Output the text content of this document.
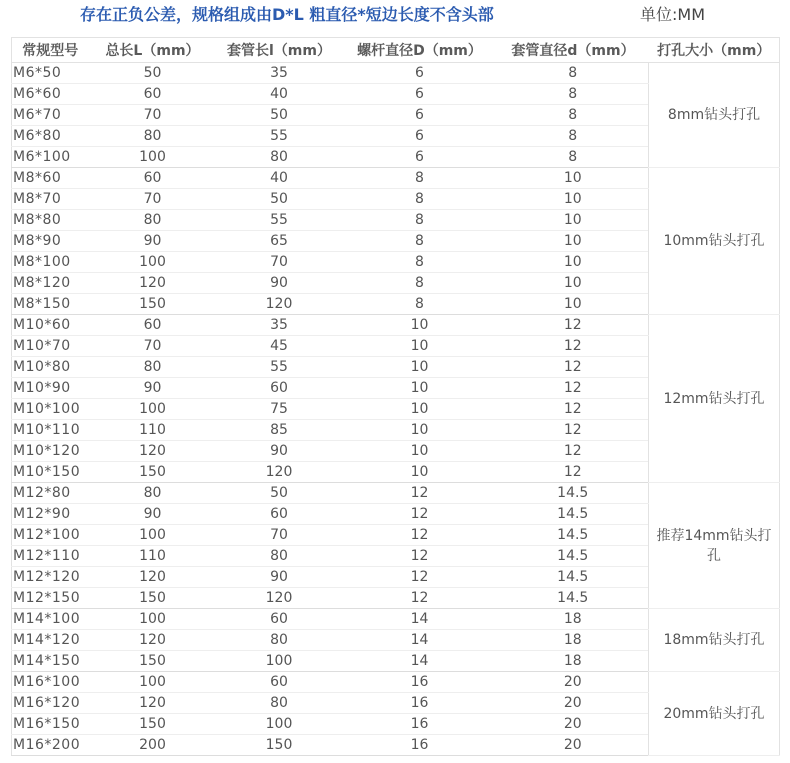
存在正负公差，规格组成由D*L 粗直径*短边长度不含头部	单位:MM
常规型号	总长L（mm）	套管长l（mm）	螺杆直径D（mm）	套管直径d（mm）	打孔大小（mm）
M6*50	50	35	6	8	8mm钻头打孔
M6*60	60	40	6	8	
M6*70	70	50	6	8	
M6*80	80	55	6	8	
M6*100	100	80	6	8	
M8*60	60	40	8	10	10mm钻头打孔
M8*70	70	50	8	10	
M8*80	80	55	8	10	
M8*90	90	65	8	10	
M8*100	100	70	8	10	
M8*120	120	90	8	10	
M8*150	150	120	8	10	
M10*60	60	35	10	12	12mm钻头打孔
M10*70	70	45	10	12	
M10*80	80	55	10	12	
M10*90	90	60	10	12	
M10*100	100	75	10	12	
M10*110	110	85	10	12	
M10*120	120	90	10	12	
M10*150	150	120	10	12	
M12*80	80	50	12	14.5	推荐14mm钻头打孔
M12*90	90	60	12	14.5	
M12*100	100	70	12	14.5	
M12*110	110	80	12	14.5	
M12*120	120	90	12	14.5	
M12*150	150	120	12	14.5	
M14*100	100	60	14	18	18mm钻头打孔
M14*120	120	80	14	18	
M14*150	150	100	14	18	
M16*100	100	60	16	20	20mm钻头打孔
M16*120	120	80	16	20	
M16*150	150	100	16	20	
M16*200	200	150	16	20	
